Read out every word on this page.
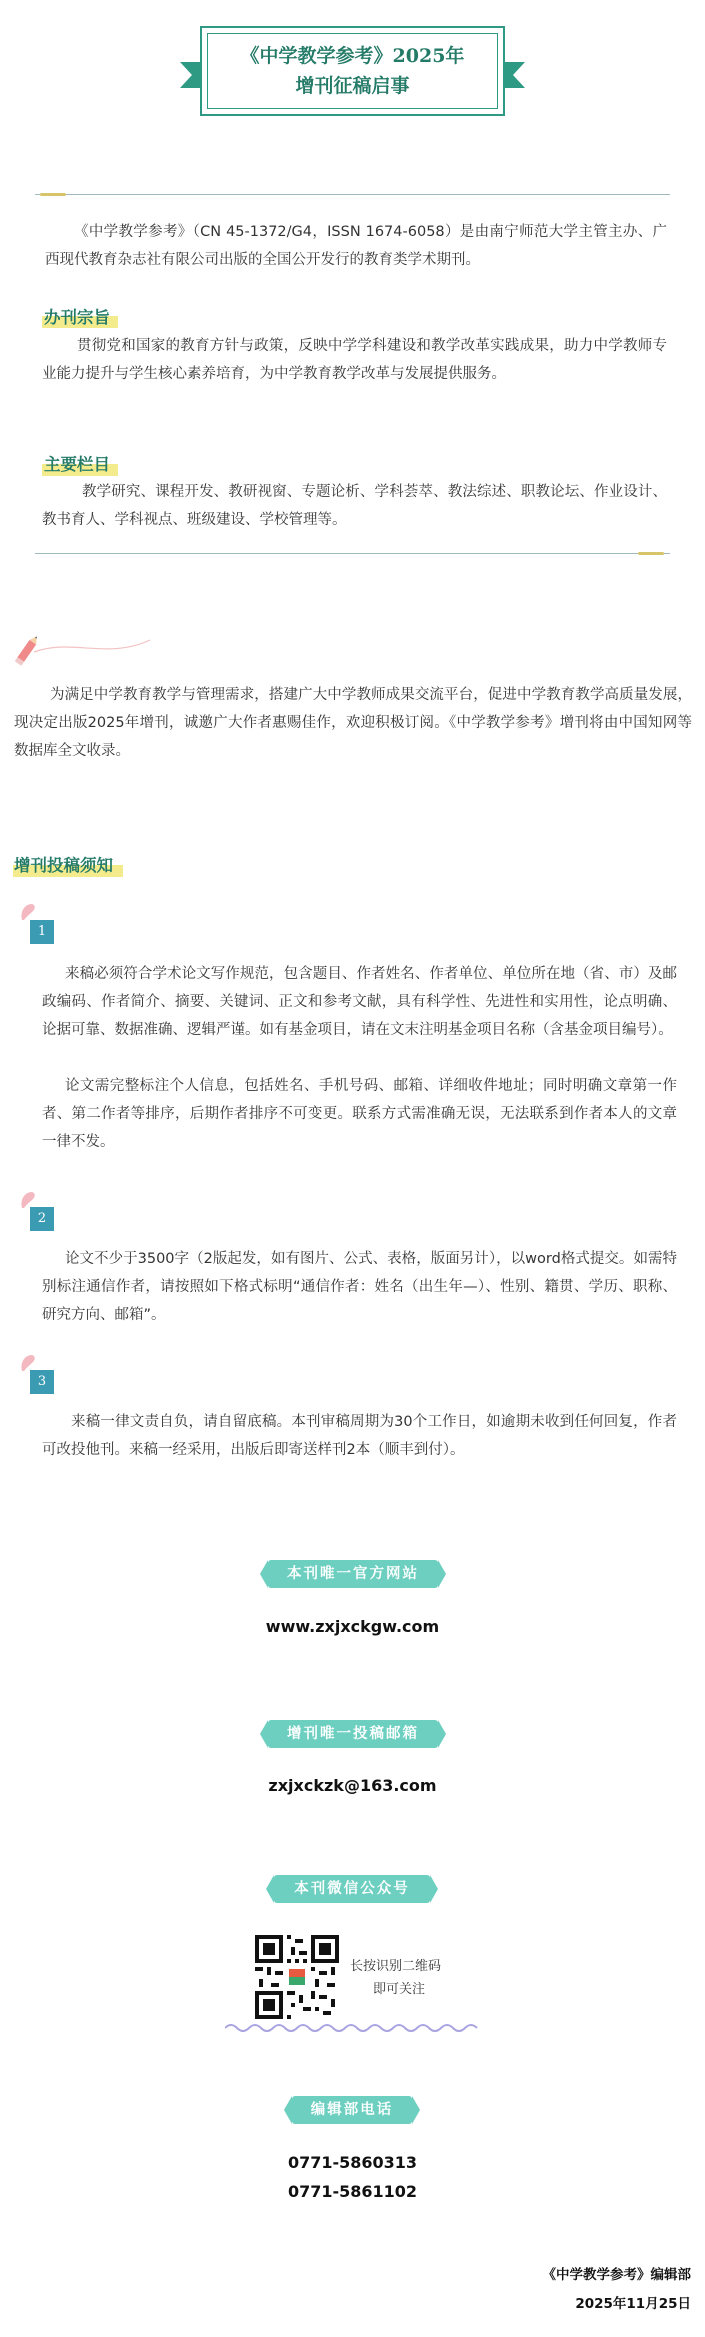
《中学教学参考》2025年
增刊征稿启事
《中学教学参考》（CN 45-1372/G4，ISSN 1674-6058）是由南宁师范大学主管主办、广西现代教育杂志社有限公司出版的全国公开发行的教育类学术期刊。
办刊宗旨
贯彻党和国家的教育方针与政策，反映中学学科建设和教学改革实践成果，助力中学教师专业能力提升与学生核心素养培育，为中学教育教学改革与发展提供服务。
主要栏目
教学研究、课程开发、教研视窗、专题论析、学科荟萃、教法综述、职教论坛、作业设计、教书育人、学科视点、班级建设、学校管理等。
为满足中学教育教学与管理需求，搭建广大中学教师成果交流平台，促进中学教育教学高质量发展，现决定出版2025年增刊，诚邀广大作者惠赐佳作，欢迎积极订阅。《中学教学参考》增刊将由中国知网等数据库全文收录。
增刊投稿须知
1
来稿必须符合学术论文写作规范，包含题目、作者姓名、作者单位、单位所在地（省、市）及邮政编码、作者简介、摘要、关键词、正文和参考文献，具有科学性、先进性和实用性，论点明确、论据可靠、数据准确、逻辑严谨。如有基金项目，请在文末注明基金项目名称（含基金项目编号）。
论文需完整标注个人信息，包括姓名、手机号码、邮箱、详细收件地址；同时明确文章第一作者、第二作者等排序，后期作者排序不可变更。联系方式需准确无误，无法联系到作者本人的文章一律不发。
2
论文不少于3500字（2版起发，如有图片、公式、表格，版面另计），以word格式提交。如需特别标注通信作者，请按照如下格式标明“通信作者：姓名（出生年—）、性别、籍贯、学历、职称、研究方向、邮箱”。
3
来稿一律文责自负，请自留底稿。本刊审稿周期为30个工作日，如逾期未收到任何回复，作者可改投他刊。来稿一经采用，出版后即寄送样刊2本（顺丰到付）。
本刊唯一官方网站
www.zxjxckgw.com
增刊唯一投稿邮箱
zxjxckzk@163.com
本刊微信公众号
长按识别二维码
即可关注
编辑部电话
0771-5860313
0771-5861102
《中学教学参考》编辑部
2025年11月25日
